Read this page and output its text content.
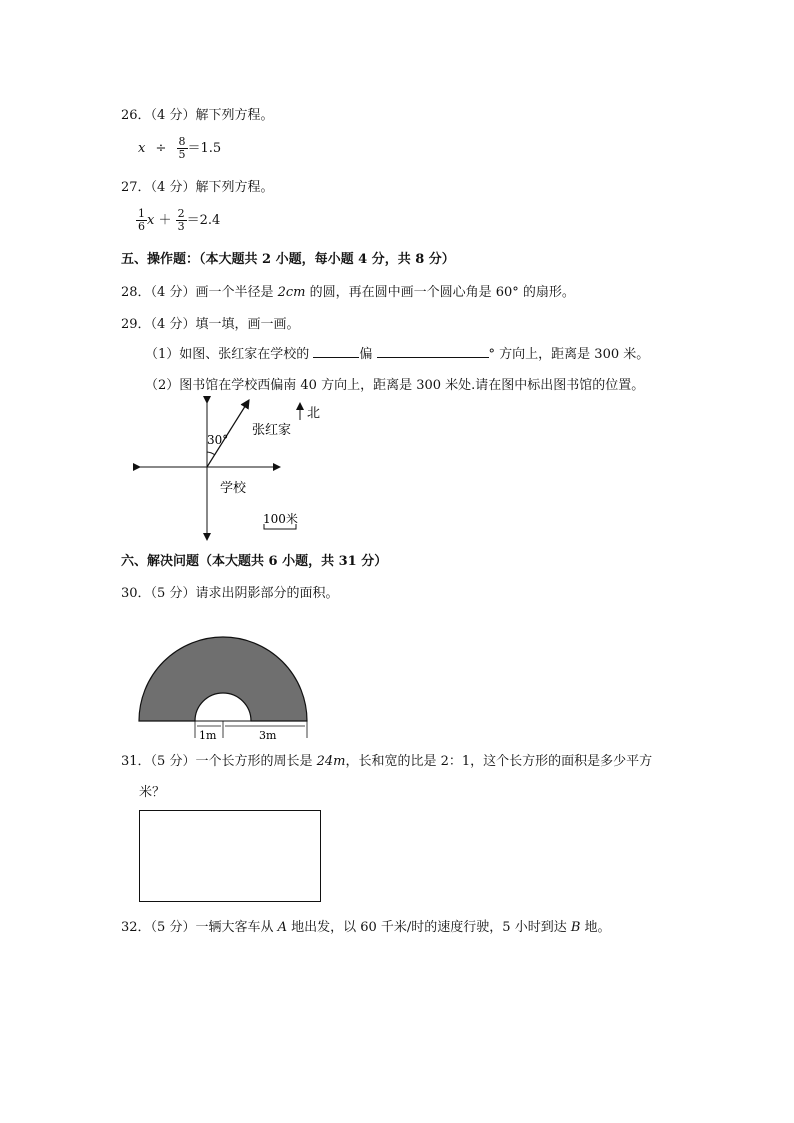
26．（4 分）解下列方程。
$x \div \frac{8}{5} =1.5$
27．（4 分）解下列方程。
$\frac{1}{6}$ $x + \frac{2}{3} =2.4$
五、操作题：（本大题共 2 小题，每小题 4 分，共 8 分）
28．（4 分）画一个半径是 2cm 的圆，再在圆中画一个圆心角是 60° 的扇形。
29．（4 分）填一填，画一画。
（1）如图、张红家在学校的	偏	° 方向上，距离是 300 米。
（2）图书馆在学校西偏南 40 方向上，距离是 300 米处.请在图中标出图书馆的位置。
北
张红家
30°
学校
100米
六、解决问题（本大题共 6 小题，共 31 分）
30．（5 分）请求出阴影部分的面积。
1m	3m
31．（5 分）一个长方形的周长是 24m，长和宽的比是 2：1，这个长方形的面积是多少平方
米？
32．（5 分）一辆大客车从 A 地出发，以 60 千米/时的速度行驶，5 小时到达 B 地。
